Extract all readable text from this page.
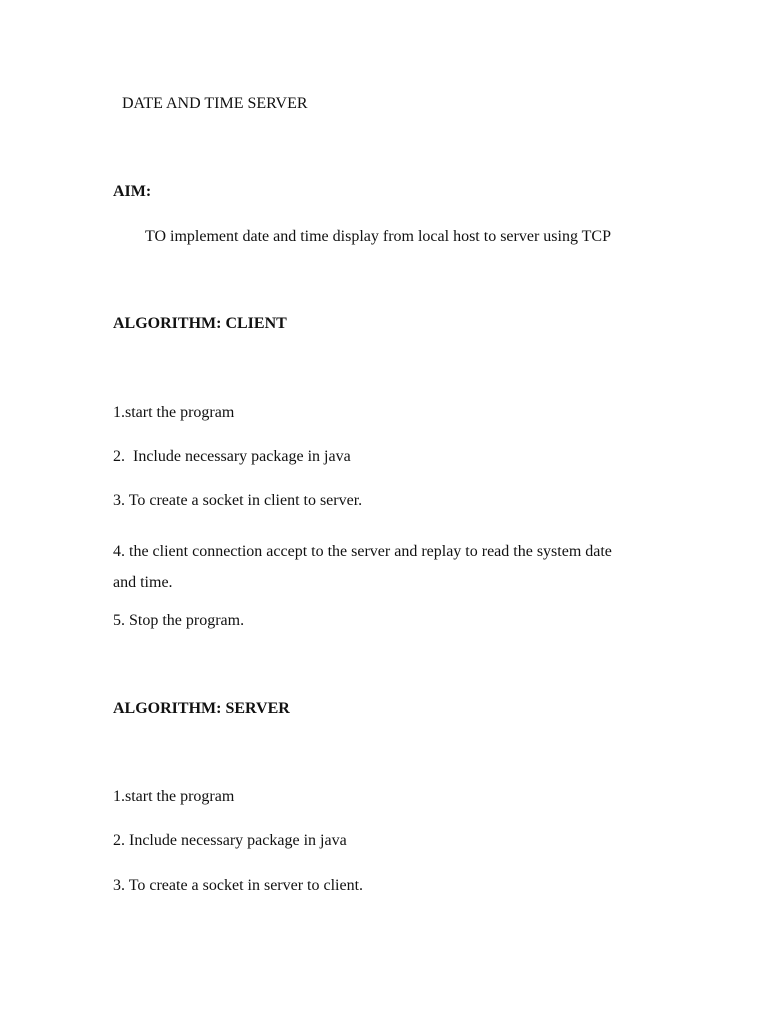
DATE AND TIME SERVER

AIM:

TO implement date and time display from local host to server using TCP

ALGORITHM: CLIENT

1.start the program

2.  Include necessary package in java

3. To create a socket in client to server.

4. the client connection accept to the server and replay to read the system date and time.

5. Stop the program.

ALGORITHM: SERVER

1.start the program

2. Include necessary package in java

3. To create a socket in server to client.
